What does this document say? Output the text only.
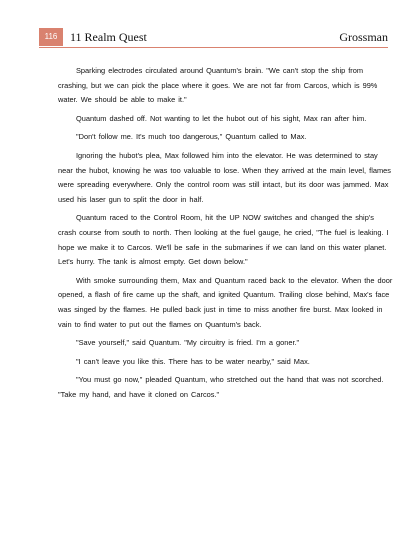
116	11 Realm Quest	Grossman

Sparking electrodes circulated around Quantum's brain. "We can't stop the ship from crashing, but we can pick the place where it goes. We are not far from Carcos, which is 99% water. We should be able to make it."

Quantum dashed off. Not wanting to let the hubot out of his sight, Max ran after him.

"Don't follow me. It's much too dangerous," Quantum called to Max.

Ignoring the hubot's plea, Max followed him into the elevator. He was determined to stay near the hubot, knowing he was too valuable to lose. When they arrived at the main level, flames were spreading everywhere. Only the control room was still intact, but its door was jammed. Max used his laser gun to split the door in half.

Quantum raced to the Control Room, hit the UP NOW switches and changed the ship's crash course from south to north. Then looking at the fuel gauge, he cried, "The fuel is leaking. I hope we make it to Carcos. We'll be safe in the submarines if we can land on this water planet. Let's hurry. The tank is almost empty. Get down below."

With smoke surrounding them, Max and Quantum raced back to the elevator. When the door opened, a flash of fire came up the shaft, and ignited Quantum. Trailing close behind, Max's face was singed by the flames. He pulled back just in time to miss another fire burst. Max looked in vain to find water to put out the flames on Quantum's back.

"Save yourself," said Quantum. "My circuitry is fried. I'm a goner."

"I can't leave you like this. There has to be water nearby," said Max.

"You must go now," pleaded Quantum, who stretched out the hand that was not scorched. "Take my hand, and have it cloned on Carcos."
